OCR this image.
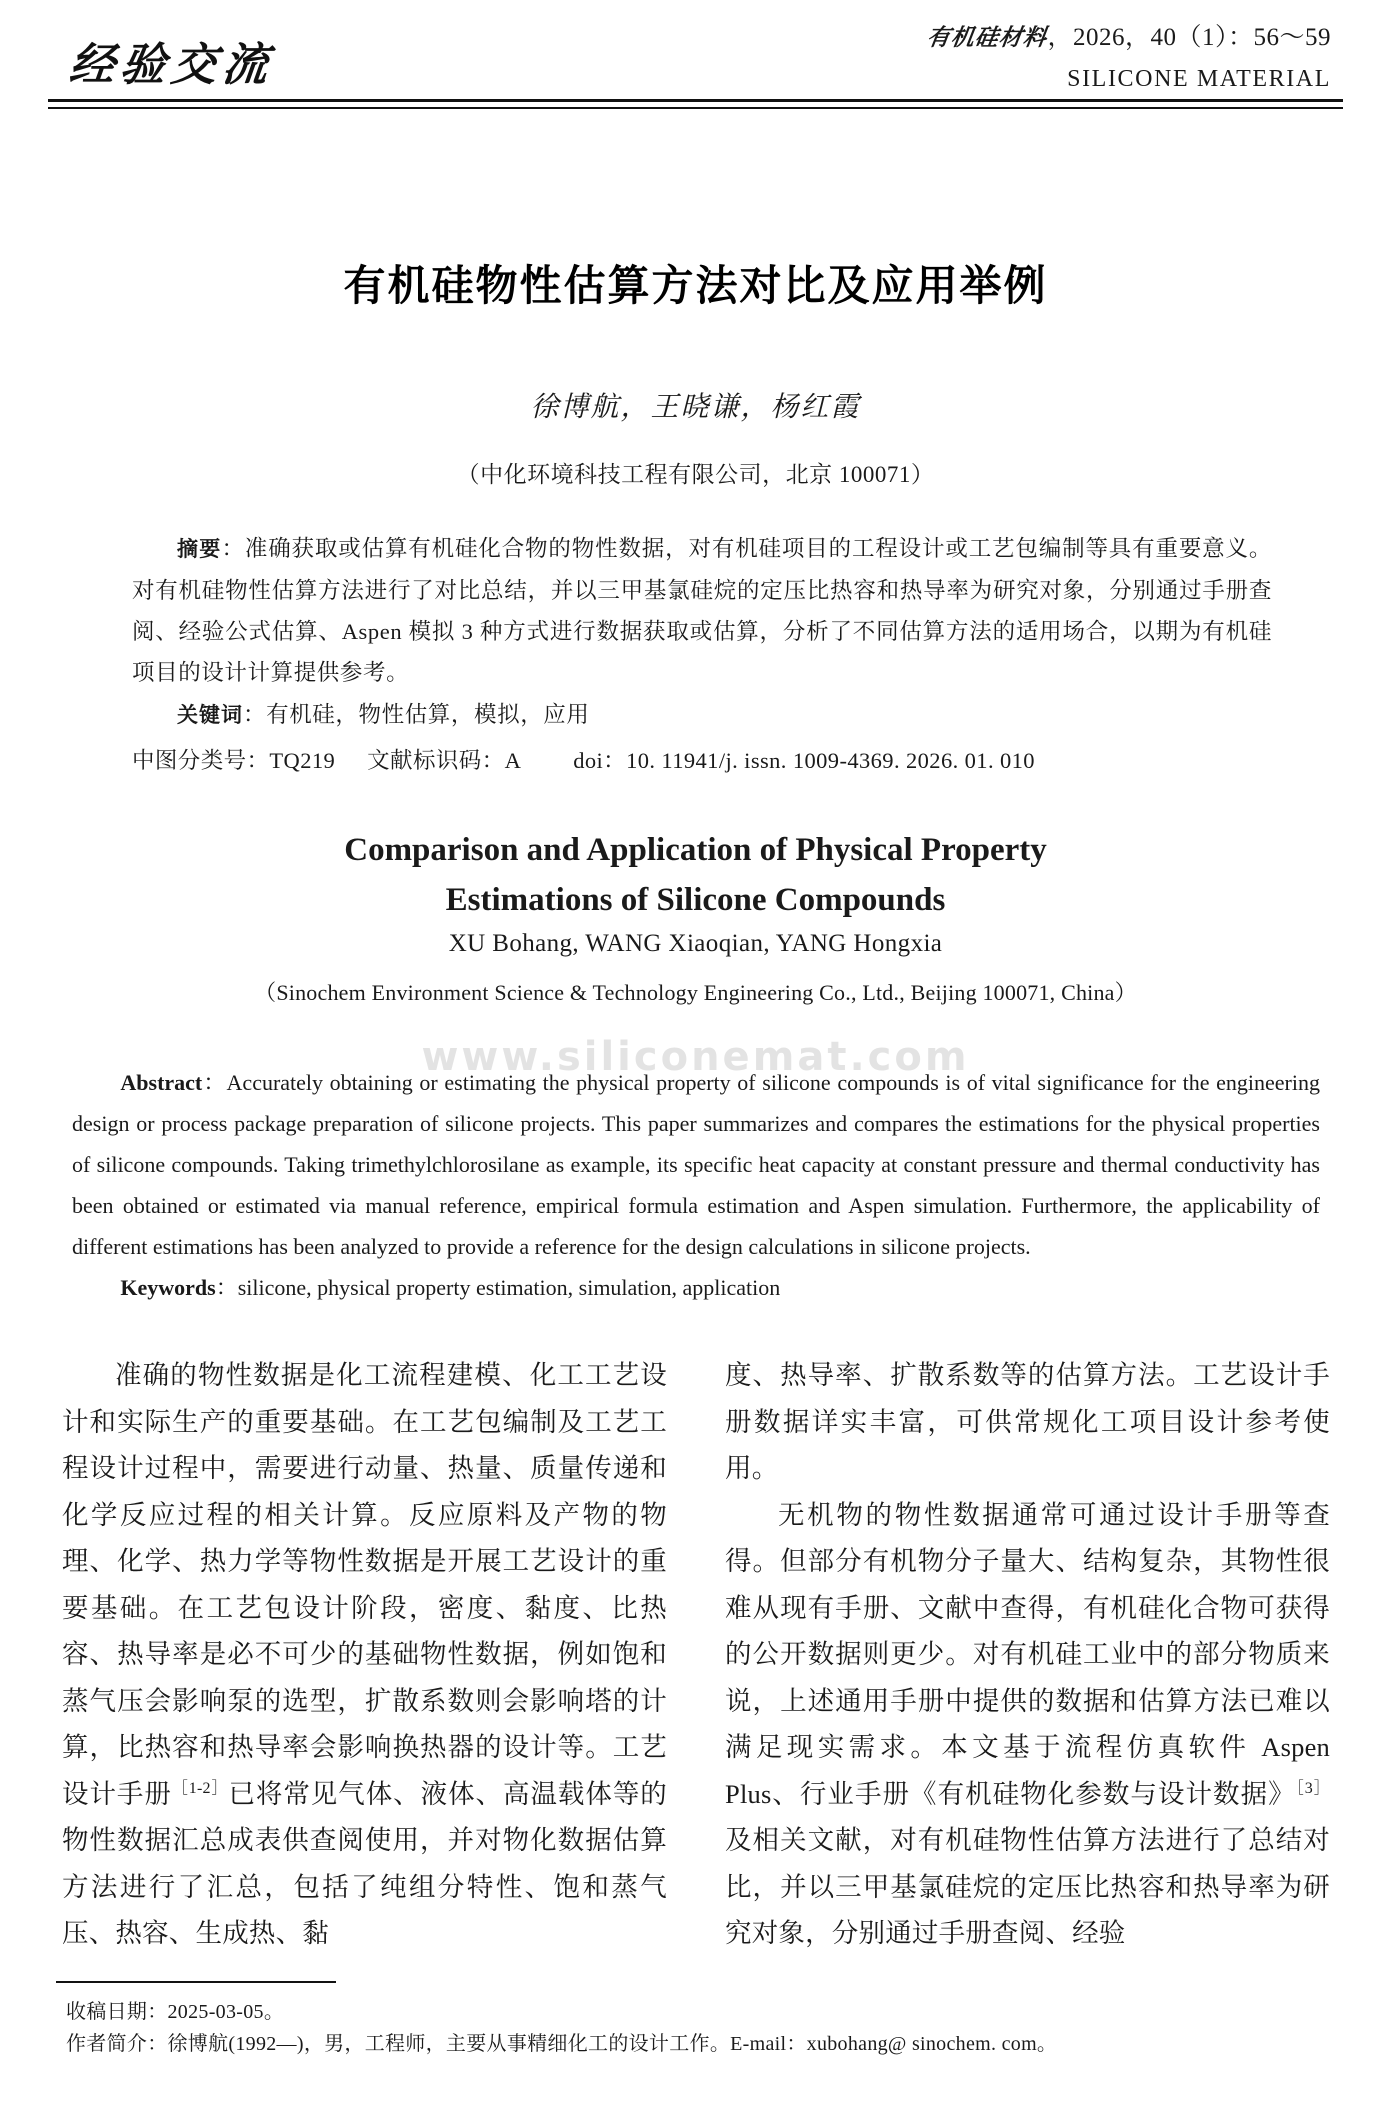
经验交流
有机硅材料，2026，40（1）：56～59
SILICONE MATERIAL
有机硅物性估算方法对比及应用举例
徐博航，王晓谦，杨红霞
（中化环境科技工程有限公司，北京 100071）

摘要：准确获取或估算有机硅化合物的物性数据，对有机硅项目的工程设计或工艺包编制等具有重要意义。对有机硅物性估算方法进行了对比总结，并以三甲基氯硅烷的定压比热容和热导率为研究对象，分别通过手册查阅、经验公式估算、Aspen 模拟 3 种方式进行数据获取或估算，分析了不同估算方法的适用场合，以期为有机硅项目的设计计算提供参考。

关键词：有机硅，物性估算，模拟，应用
中图分类号：TQ219 文献标识码：A doi：10. 11941/j. issn. 1009-4369. 2026. 01. 010
Comparison and Application of Physical Property
Estimations of Silicone Compounds
XU Bohang, WANG Xiaoqian, YANG Hongxia
（Sinochem Environment Science & Technology Engineering Co., Ltd., Beijing 100071, China）
www.siliconemat.com

Abstract：Accurately obtaining or estimating the physical property of silicone compounds is of vital significance for the engineering design or process package preparation of silicone projects. This paper summarizes and compares the estimations for the physical properties of silicone compounds. Taking trimethylchlorosilane as example, its specific heat capacity at constant pressure and thermal conductivity has been obtained or estimated via manual reference, empirical formula estimation and Aspen simulation. Furthermore, the applicability of different estimations has been analyzed to provide a reference for the design calculations in silicone projects.

Keywords：silicone, physical property estimation, simulation, application

准确的物性数据是化工流程建模、化工工艺设计和实际生产的重要基础。在工艺包编制及工艺工程设计过程中，需要进行动量、热量、质量传递和化学反应过程的相关计算。反应原料及产物的物理、化学、热力学等物性数据是开展工艺设计的重要基础。在工艺包设计阶段，密度、黏度、比热容、热导率是必不可少的基础物性数据，例如饱和蒸气压会影响泵的选型，扩散系数则会影响塔的计算，比热容和热导率会影响换热器的设计等。工艺设计手册$^{[1-2]}$已将常见气体、液体、高温载体等的物性数据汇总成表供查阅使用，并对物化数据估算方法进行了汇总，包括了纯组分特性、饱和蒸气压、热容、生成热、黏

度、热导率、扩散系数等的估算方法。工艺设计手册数据详实丰富，可供常规化工项目设计参考使用。

无机物的物性数据通常可通过设计手册等查得。但部分有机物分子量大、结构复杂，其物性很难从现有手册、文献中查得，有机硅化合物可获得的公开数据则更少。对有机硅工业中的部分物质来说，上述通用手册中提供的数据和估算方法已难以满足现实需求。本文基于流程仿真软件 Aspen Plus、行业手册《有机硅物化参数与设计数据》$^{[3]}$及相关文献，对有机硅物性估算方法进行了总结对比，并以三甲基氯硅烷的定压比热容和热导率为研究对象，分别通过手册查阅、经验

收稿日期：2025-03-05。
作者简介：徐博航(1992—)，男，工程师，主要从事精细化工的设计工作。E-mail：xubohang@ sinochem. com。
